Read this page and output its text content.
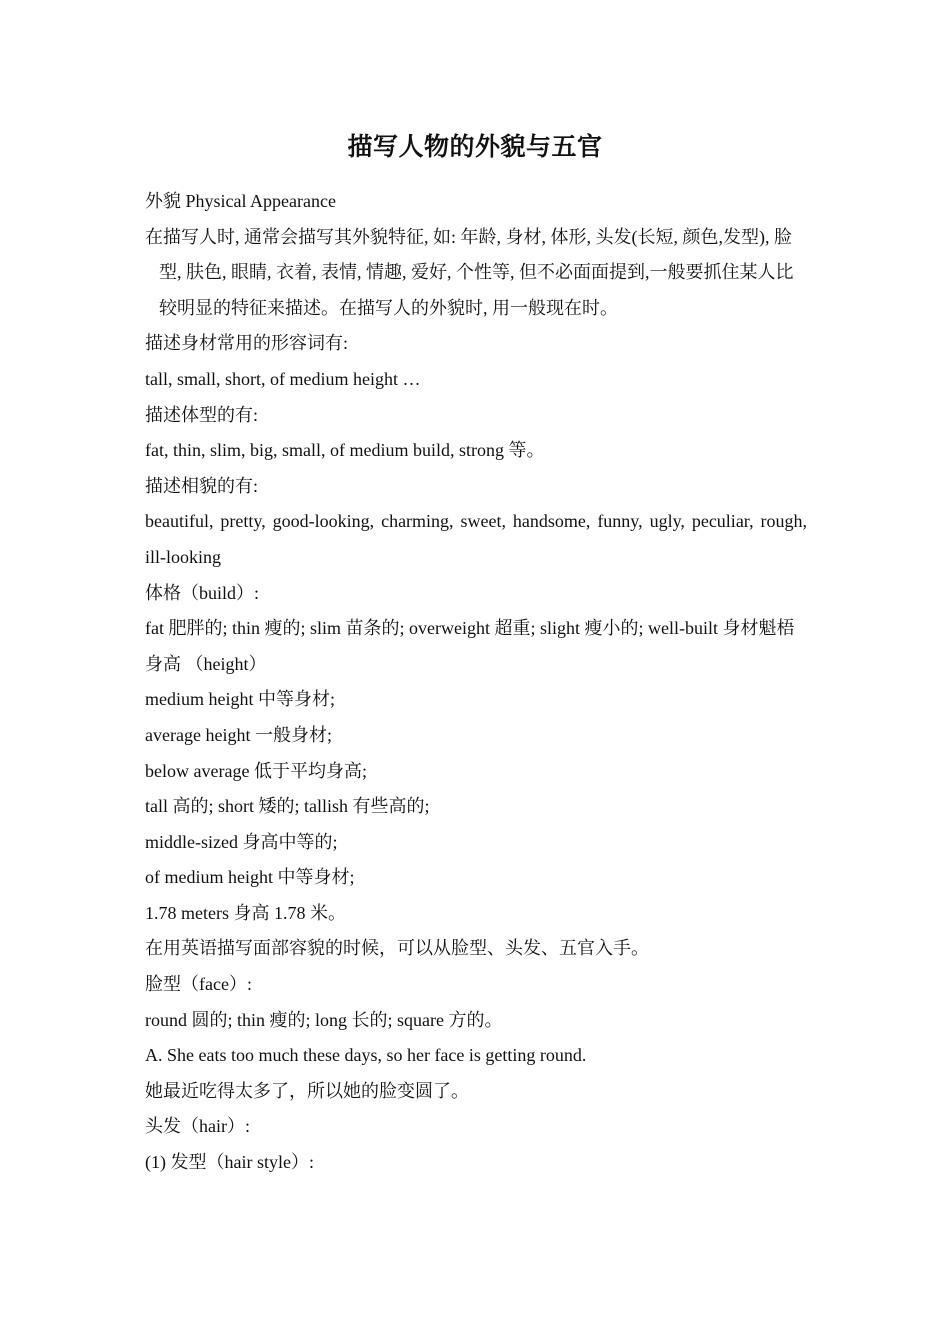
描写人物的外貌与五官
外貌 Physical Appearance
在描写人时, 通常会描写其外貌特征, 如: 年龄, 身材, 体形, 头发(长短, 颜色,发型), 脸型, 肤色, 眼睛, 衣着, 表情, 情趣, 爱好, 个性等, 但不必面面提到,一般要抓住某人比较明显的特征来描述。在描写人的外貌时, 用一般现在时。
描述身材常用的形容词有:
tall, small, short, of medium height …
描述体型的有:
fat, thin, slim, big, small, of medium build, strong 等。
描述相貌的有:
beautiful, pretty, good-looking, charming, sweet, handsome, funny, ugly, peculiar, rough, ill-looking
体格（build）:
fat 肥胖的; thin 瘦的; slim 苗条的; overweight 超重; slight 瘦小的; well-built 身材魁梧
身高 （height）
medium height 中等身材;
average height 一般身材;
below average 低于平均身高;
tall 高的; short 矮的; tallish 有些高的;
middle-sized 身高中等的;
of medium height 中等身材;
1.78 meters 身高 1.78 米。
在用英语描写面部容貌的时候，可以从脸型、头发、五官入手。
脸型（face）:
round 圆的; thin 瘦的; long 长的; square 方的。
A. She eats too much these days, so her face is getting round.
她最近吃得太多了，所以她的脸变圆了。
头发（hair）:
(1) 发型（hair style）:
